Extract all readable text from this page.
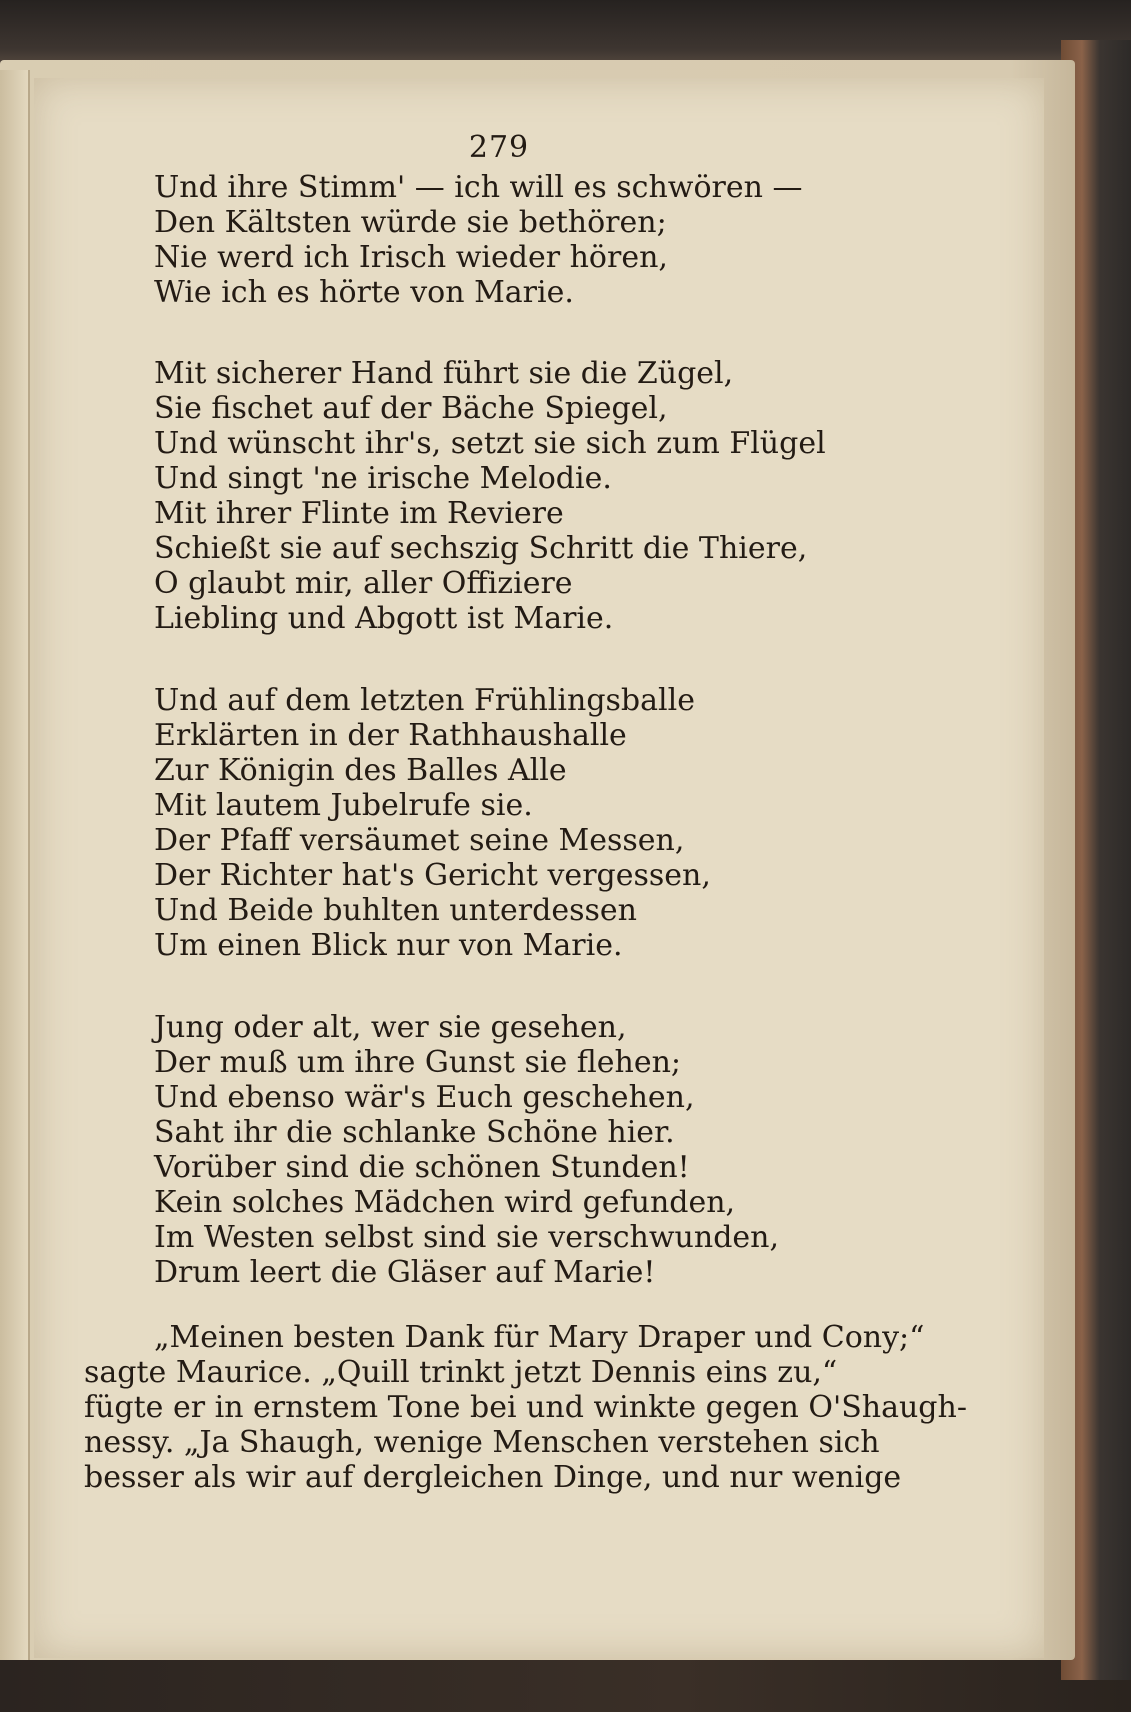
279
Und ihre Stimm' — ich will es schwören —
Den Kältsten würde sie bethören;
Nie werd ich Irisch wieder hören,
Wie ich es hörte von Marie.
Mit sicherer Hand führt sie die Zügel,
Sie fischet auf der Bäche Spiegel,
Und wünscht ihr's, setzt sie sich zum Flügel
Und singt 'ne irische Melodie.
Mit ihrer Flinte im Reviere
Schießt sie auf sechszig Schritt die Thiere,
O glaubt mir, aller Offiziere
Liebling und Abgott ist Marie.
Und auf dem letzten Frühlingsballe
Erklärten in der Rathhaushalle
Zur Königin des Balles Alle
Mit lautem Jubelrufe sie.
Der Pfaff versäumet seine Messen,
Der Richter hat's Gericht vergessen,
Und Beide buhlten unterdessen
Um einen Blick nur von Marie.
Jung oder alt, wer sie gesehen,
Der muß um ihre Gunst sie flehen;
Und ebenso wär's Euch geschehen,
Saht ihr die schlanke Schöne hier.
Vorüber sind die schönen Stunden!
Kein solches Mädchen wird gefunden,
Im Westen selbst sind sie verschwunden,
Drum leert die Gläser auf Marie!
„Meinen besten Dank für Mary Draper und Cony;“
sagte Maurice. „Quill trinkt jetzt Dennis eins zu,“
fügte er in ernstem Tone bei und winkte gegen O'Shaugh-
nessy. „Ja Shaugh, wenige Menschen verstehen sich
besser als wir auf dergleichen Dinge, und nur wenige
